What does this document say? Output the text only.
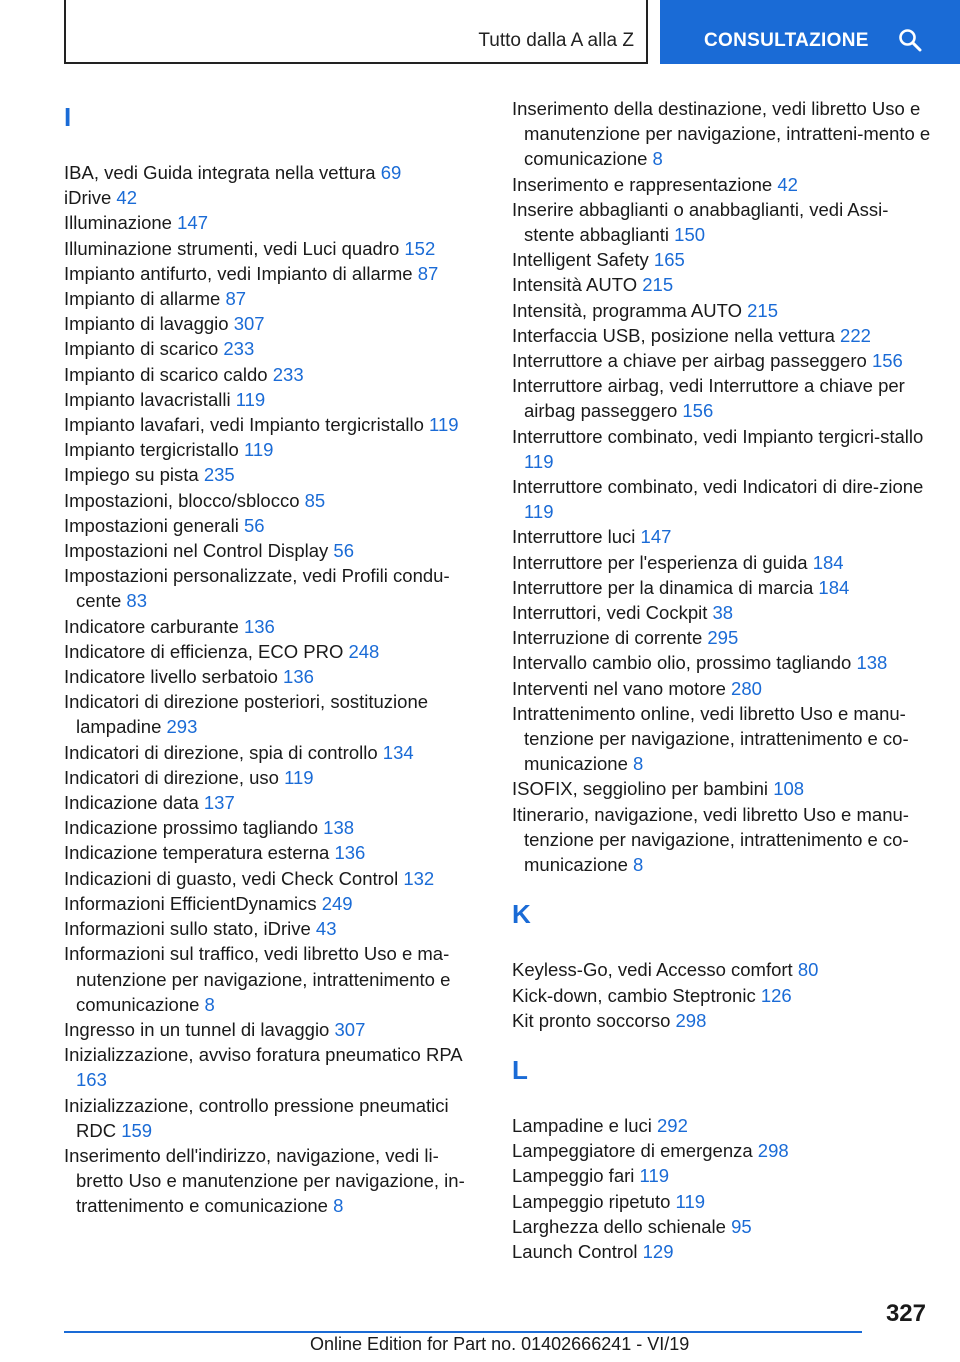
Tutto dalla A alla Z	CONSULTAZIONE
I
IBA, vedi Guida integrata nella vettura 69
iDrive 42
Illuminazione 147
Illuminazione strumenti, vedi Luci quadro 152
Impianto antifurto, vedi Impianto di allarme 87
Impianto di allarme 87
Impianto di lavaggio 307
Impianto di scarico 233
Impianto di scarico caldo 233
Impianto lavacristalli 119
Impianto lavafari, vedi Impianto tergicristallo 119
Impianto tergicristallo 119
Impiego su pista 235
Impostazioni, blocco/sblocco 85
Impostazioni generali 56
Impostazioni nel Control Display 56
Impostazioni personalizzate, vedi Profili condu-cente 83
Indicatore carburante 136
Indicatore di efficienza, ECO PRO 248
Indicatore livello serbatoio 136
Indicatori di direzione posteriori, sostituzione lampadine 293
Indicatori di direzione, spia di controllo 134
Indicatori di direzione, uso 119
Indicazione data 137
Indicazione prossimo tagliando 138
Indicazione temperatura esterna 136
Indicazioni di guasto, vedi Check Control 132
Informazioni EfficientDynamics 249
Informazioni sullo stato, iDrive 43
Informazioni sul traffico, vedi libretto Uso e ma-nutenzione per navigazione, intrattenimento e comunicazione 8
Ingresso in un tunnel di lavaggio 307
Inizializzazione, avviso foratura pneumatico RPA 163
Inizializzazione, controllo pressione pneumatici RDC 159
Inserimento dell'indirizzo, navigazione, vedi li-bretto Uso e manutenzione per navigazione, in-trattenimento e comunicazione 8
Inserimento della destinazione, vedi libretto Uso e manutenzione per navigazione, intratteni-mento e comunicazione 8
Inserimento e rappresentazione 42
Inserire abbaglianti o anabbaglianti, vedi Assi-stente abbaglianti 150
Intelligent Safety 165
Intensità AUTO 215
Intensità, programma AUTO 215
Interfaccia USB, posizione nella vettura 222
Interruttore a chiave per airbag passeggero 156
Interruttore airbag, vedi Interruttore a chiave per airbag passeggero 156
Interruttore combinato, vedi Impianto tergicri-stallo 119
Interruttore combinato, vedi Indicatori di dire-zione 119
Interruttore luci 147
Interruttore per l'esperienza di guida 184
Interruttore per la dinamica di marcia 184
Interruttori, vedi Cockpit 38
Interruzione di corrente 295
Intervallo cambio olio, prossimo tagliando 138
Interventi nel vano motore 280
Intrattenimento online, vedi libretto Uso e manu-tenzione per navigazione, intrattenimento e co-municazione 8
ISOFIX, seggiolino per bambini 108
Itinerario, navigazione, vedi libretto Uso e manu-tenzione per navigazione, intrattenimento e co-municazione 8
K
Keyless-Go, vedi Accesso comfort 80
Kick-down, cambio Steptronic 126
Kit pronto soccorso 298
L
Lampadine e luci 292
Lampeggiatore di emergenza 298
Lampeggio fari 119
Lampeggio ripetuto 119
Larghezza dello schienale 95
Launch Control 129
327
Online Edition for Part no. 01402666241 - VI/19
